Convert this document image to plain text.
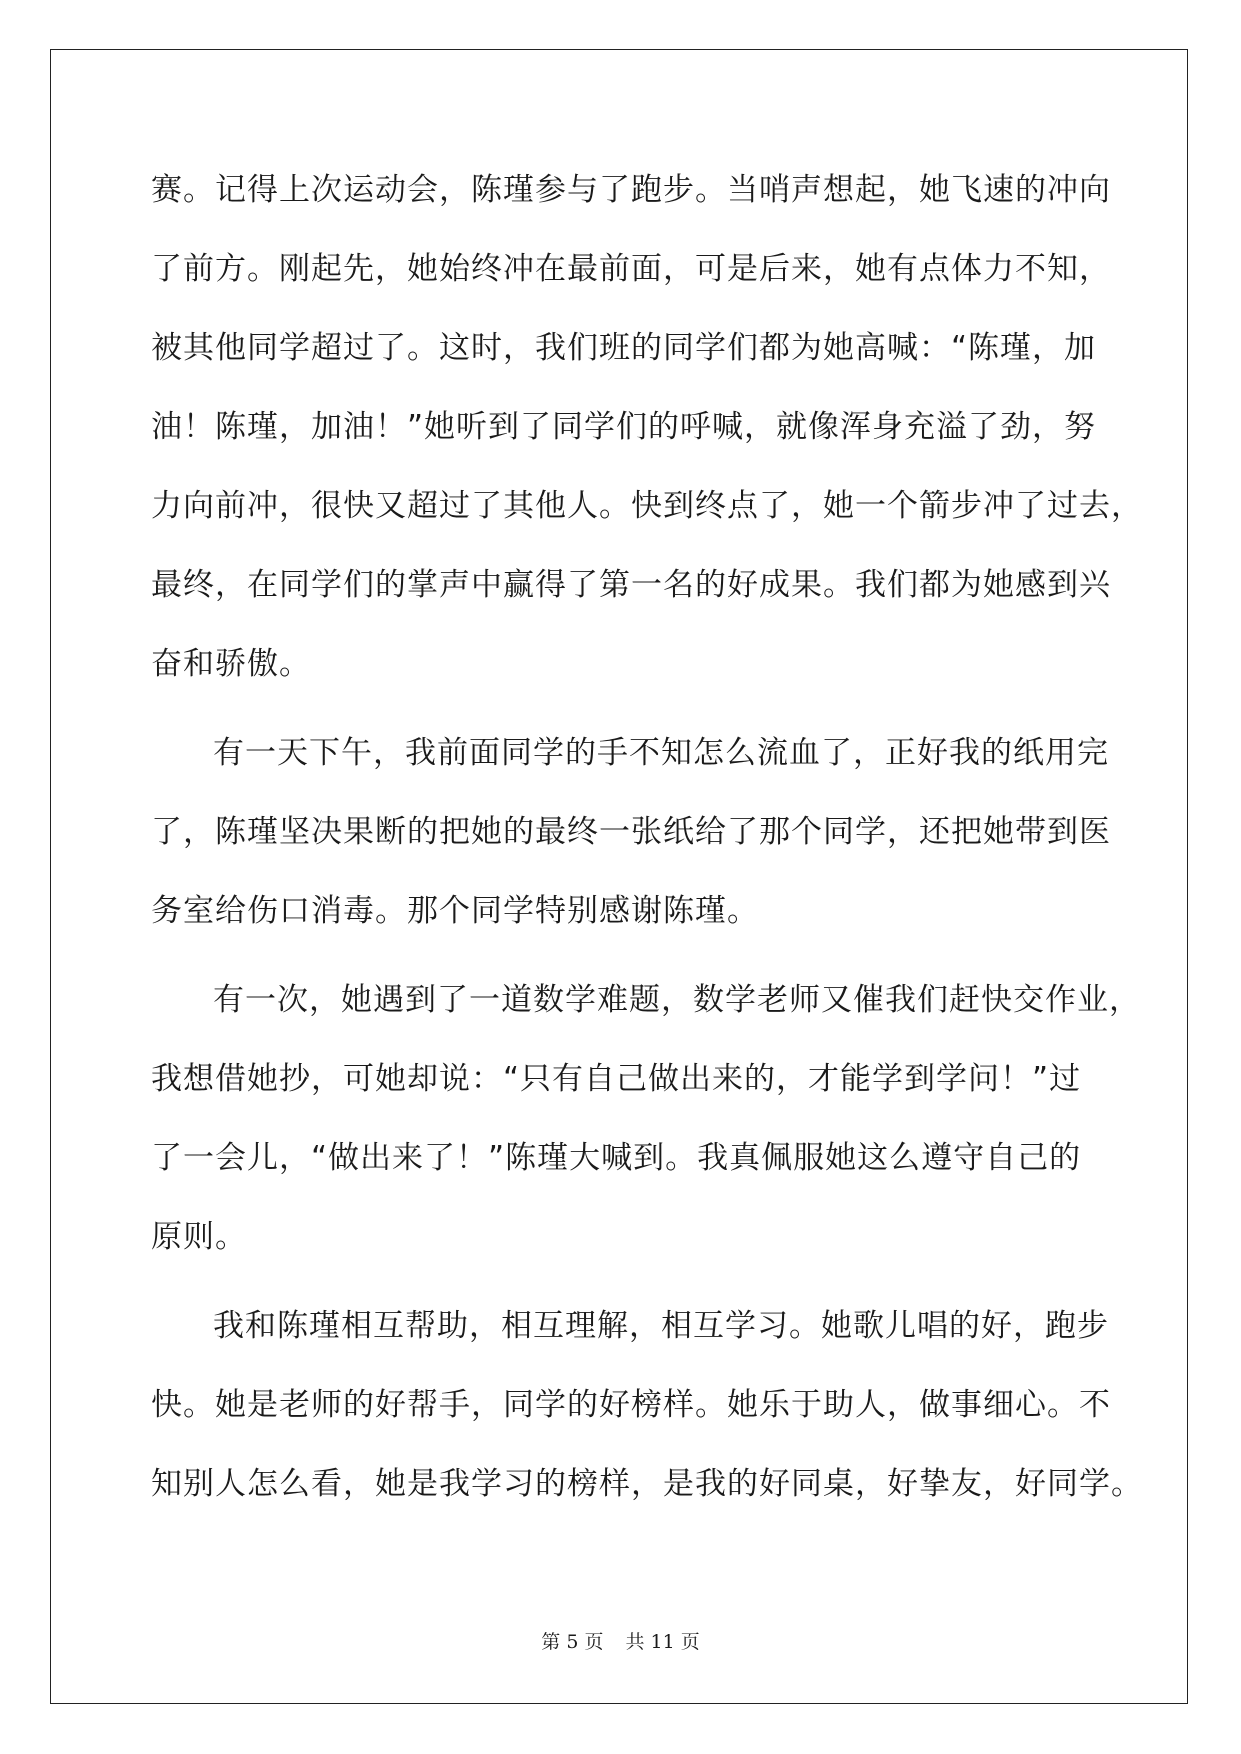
赛。记得上次运动会，陈瑾参与了跑步。当哨声想起，她飞速的冲向
了前方。刚起先，她始终冲在最前面，可是后来，她有点体力不知，
被其他同学超过了。这时，我们班的同学们都为她高喊：“陈瑾，加
油！陈瑾，加油！”她听到了同学们的呼喊，就像浑身充溢了劲，努
力向前冲，很快又超过了其他人。快到终点了，她一个箭步冲了过去，
最终，在同学们的掌声中赢得了第一名的好成果。我们都为她感到兴
奋和骄傲。
有一天下午，我前面同学的手不知怎么流血了，正好我的纸用完
了，陈瑾坚决果断的把她的最终一张纸给了那个同学，还把她带到医
务室给伤口消毒。那个同学特别感谢陈瑾。
有一次，她遇到了一道数学难题，数学老师又催我们赶快交作业，
我想借她抄，可她却说：“只有自己做出来的，才能学到学问！”过
了一会儿，“做出来了！”陈瑾大喊到。我真佩服她这么遵守自己的
原则。
我和陈瑾相互帮助，相互理解，相互学习。她歌儿唱的好，跑步
快。她是老师的好帮手，同学的好榜样。她乐于助人，做事细心。不
知别人怎么看，她是我学习的榜样，是我的好同桌，好挚友，好同学。
第 5 页 共 11 页
